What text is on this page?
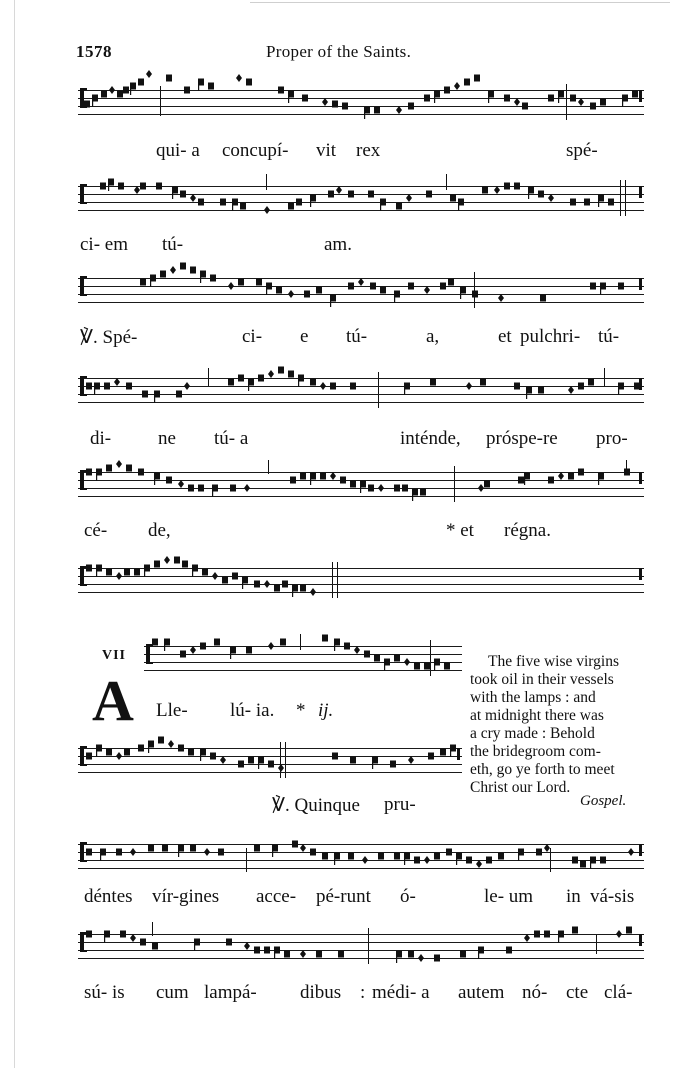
1578	Proper of the Saints.
qui- a concupí- vit rex	spé-
ci- em tú-	am.
℣. Spé-	ci- e tú-	a,	et pulchri- tú-
di- ne tú- a	inténde, próspe-re pro-
cé- de,	* et régna.
VII
A Lle- lú- ia. * ij.
℣. Quinque pru-
The five wise virgins
took oil in their vessels
with the lamps : and
at midnight there was
a cry made : Behold
the bridegroom com-
eth, go ye forth to meet
Christ our Lord.
Gospel.
déntes vír-gines acce- pé-runt ó-	le- um in vá-sis
sú- is cum lampá- dibus : médi- a autem nó- cte clá-
